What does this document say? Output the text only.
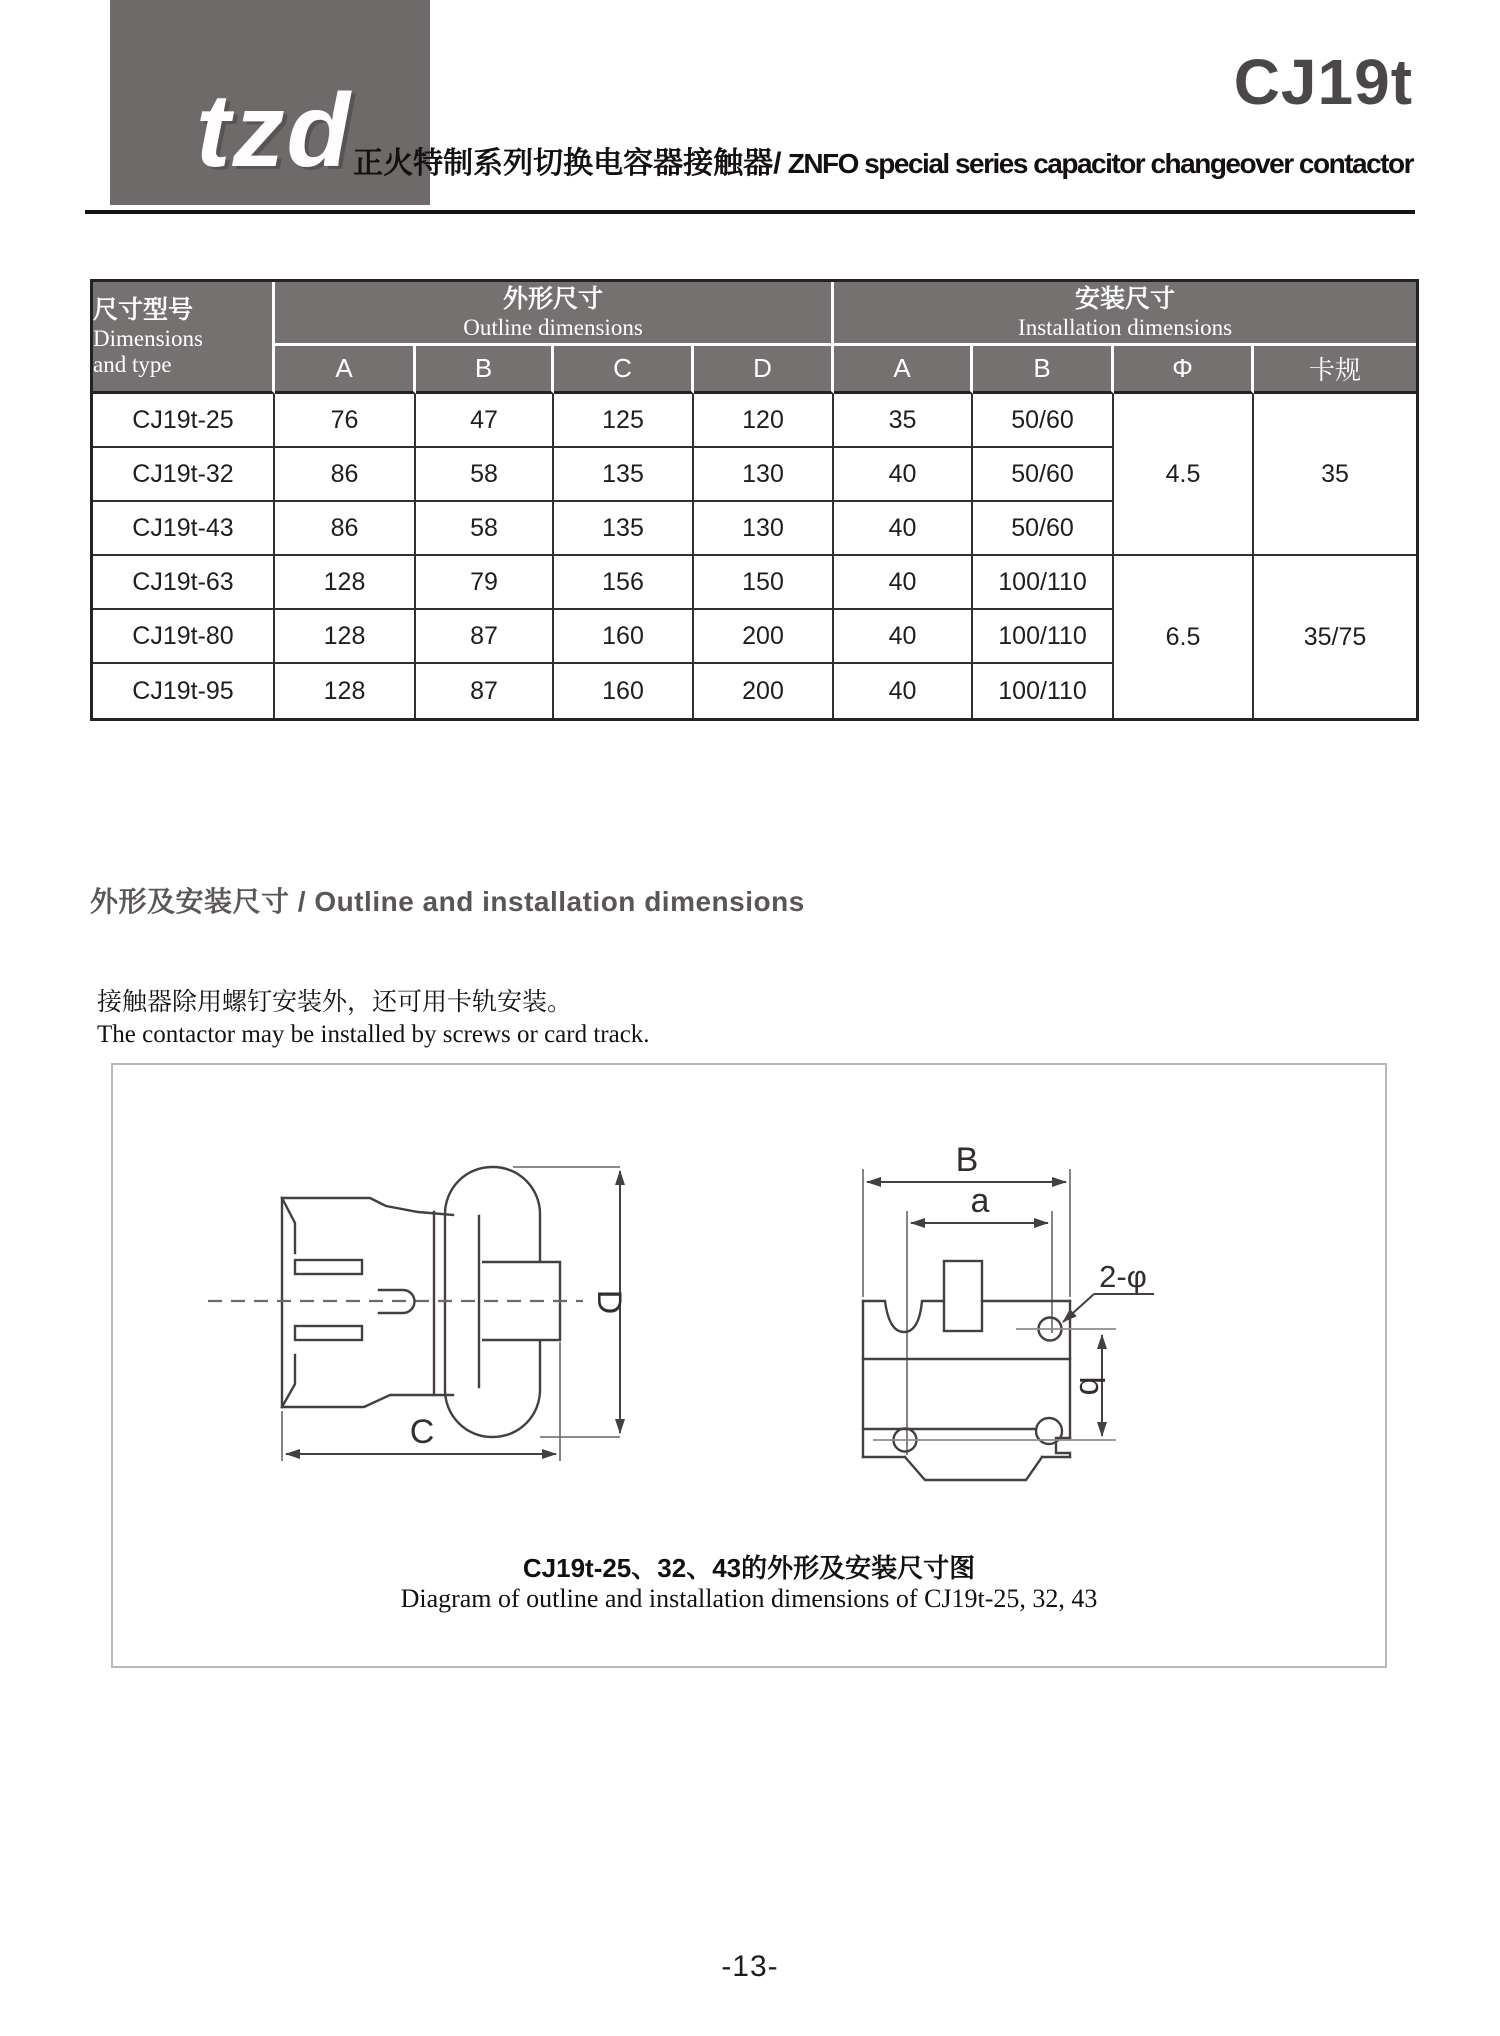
tzd	CJ19t
正火特制系列切换电容器接触器/ ZNFO special series capacitor changeover contactor
尺寸型号
Dimensions
and type

外形尺寸
Outline dimensions

安装尺寸
Installation dimensions

	A	B	C	D	A	B	Φ	卡规
CJ19t-25	76	47	125	120	35	50/60	4.5	35
CJ19t-32	86	58	135	130	40	50/60		
CJ19t-43	86	58	135	130	40	50/60		
CJ19t-63	128	79	156	150	40	100/110	6.5	35/75
CJ19t-80	128	87	160	200	40	100/110		
CJ19t-95	128	87	160	200	40	100/110		
外形及安装尺寸 / Outline and installation dimensions
接触器除用螺钉安装外，还可用卡轨安装。
The contactor may be installed by screws or card track.
D
C
B
a
b
2-φ
CJ19t-25、32、43的外形及安装尺寸图
Diagram of outline and installation dimensions of CJ19t-25, 32, 43
-13-
